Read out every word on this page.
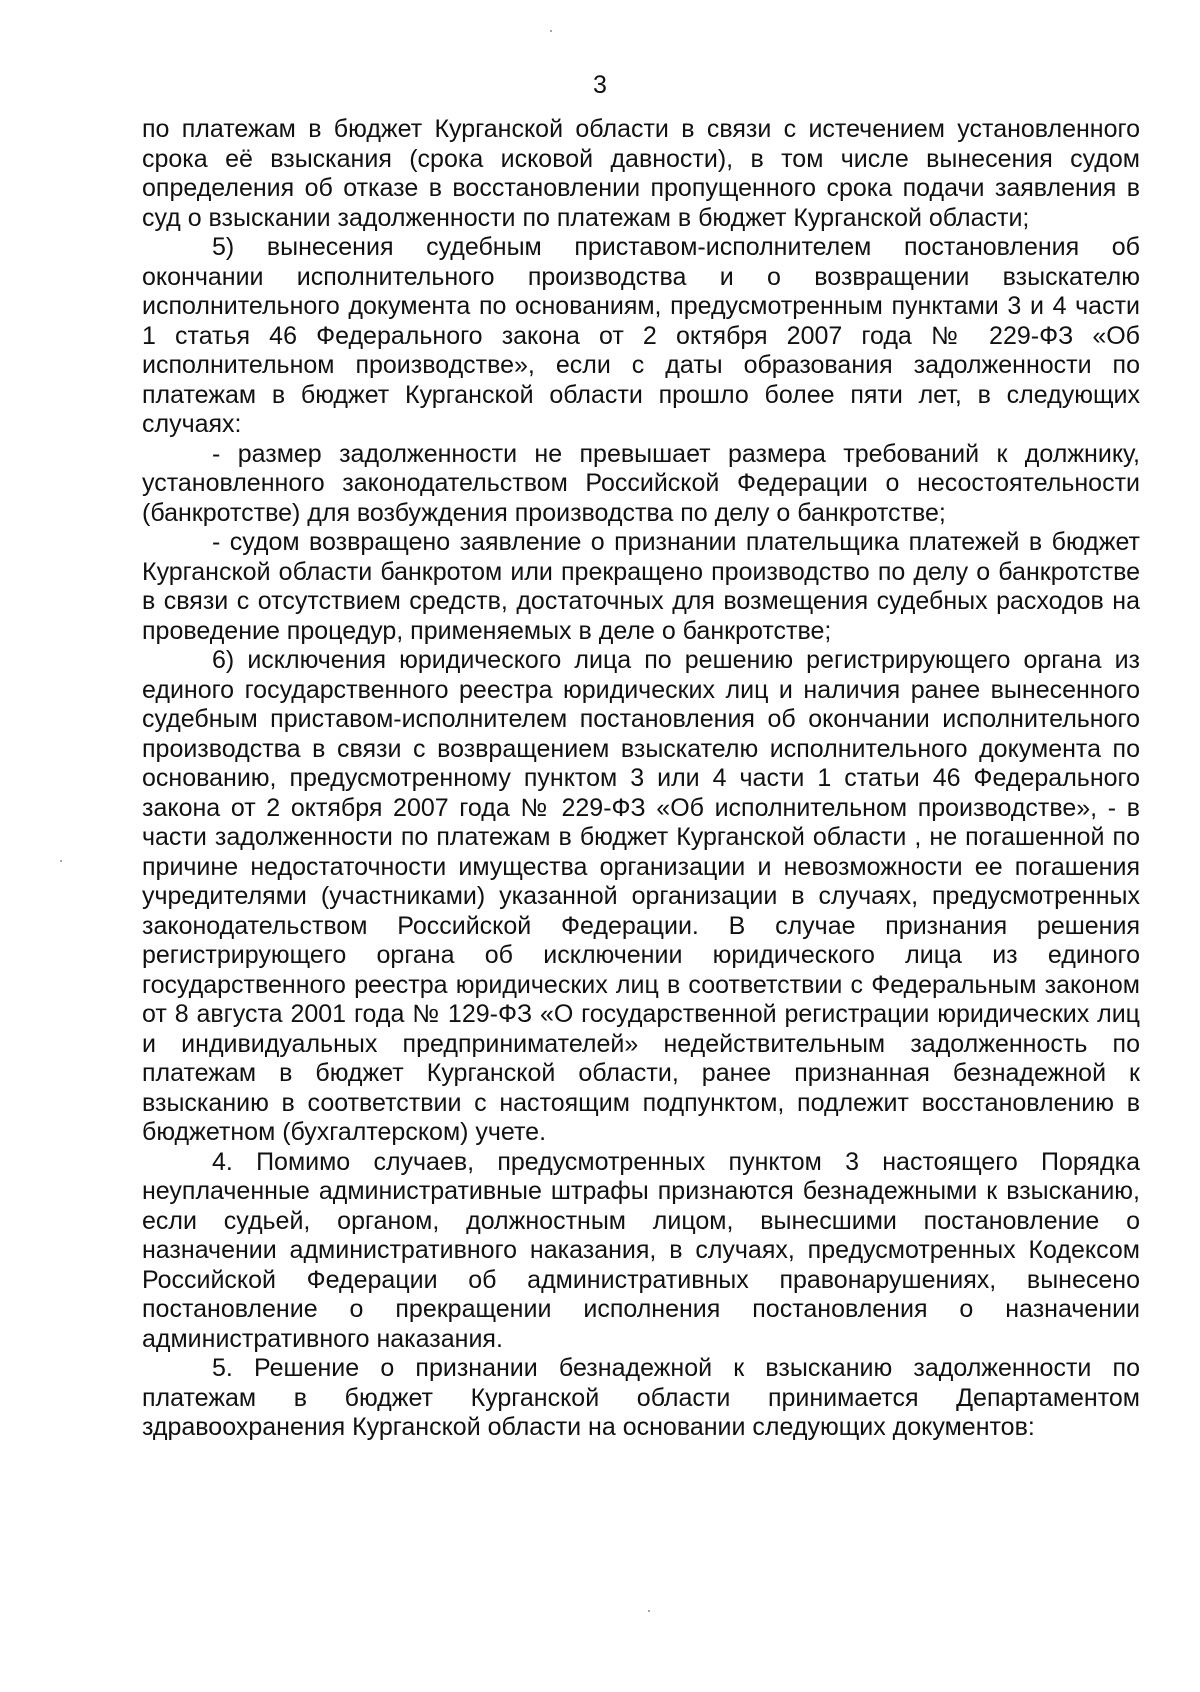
3

по платежам в бюджет Курганской области в связи с истечением установленного срока её взыскания (срока исковой давности), в том числе вынесения судом определения об отказе в восстановлении пропущенного срока подачи заявления в суд о взыскании задолженности по платежам в бюджет Курганской области;

5) вынесения судебным приставом-исполнителем постановления об окончании исполнительного производства и о возвращении взыскателю исполнительного документа по основаниям, предусмотренным пунктами 3 и 4 части 1 статья 46 Федерального закона от 2 октября 2007 года № 229-ФЗ «Об исполнительном производстве», если с даты образования задолженности по платежам в бюджет Курганской области прошло более пяти лет, в следующих случаях:

- размер задолженности не превышает размера требований к должнику, установленного законодательством Российской Федерации о несостоятельности (банкротстве) для возбуждения производства по делу о банкротстве;

- судом возвращено заявление о признании плательщика платежей в бюджет Курганской области банкротом или прекращено производство по делу о банкротстве в связи с отсутствием средств, достаточных для возмещения судебных расходов на проведение процедур, применяемых в деле о банкротстве;

6) исключения юридического лица по решению регистрирующего органа из единого государственного реестра юридических лиц и наличия ранее вынесенного судебным приставом-исполнителем постановления об окончании исполнительного производства в связи с возвращением взыскателю исполнительного документа по основанию, предусмотренному пунктом 3 или 4 части 1 статьи 46 Федерального закона от 2 октября 2007 года № 229-ФЗ «Об исполнительном производстве», - в части задолженности по платежам в бюджет Курганской области , не погашенной по причине недостаточности имущества организации и невозможности ее погашения учредителями (участниками) указанной организации в случаях, предусмотренных законодательством Российской Федерации. В случае признания решения регистрирующего органа об исключении юридического лица из единого государственного реестра юридических лиц в соответствии с Федеральным законом от 8 августа 2001 года № 129-ФЗ «О государственной регистрации юридических лиц и индивидуальных предпринимателей» недействительным задолженность по платежам в бюджет Курганской области, ранее признанная безнадежной к взысканию в соответствии с настоящим подпунктом, подлежит восстановлению в бюджетном (бухгалтерском) учете.

4. Помимо случаев, предусмотренных пунктом 3 настоящего Порядка неуплаченные административные штрафы признаются безнадежными к взысканию, если судьей, органом, должностным лицом, вынесшими постановление о назначении административного наказания, в случаях, предусмотренных Кодексом Российской Федерации об административных правонарушениях, вынесено постановление о прекращении исполнения постановления о назначении административного наказания.

5. Решение о признании безнадежной к взысканию задолженности по платежам в бюджет Курганской области принимается Департаментом здравоохранения Курганской области на основании следующих документов:
